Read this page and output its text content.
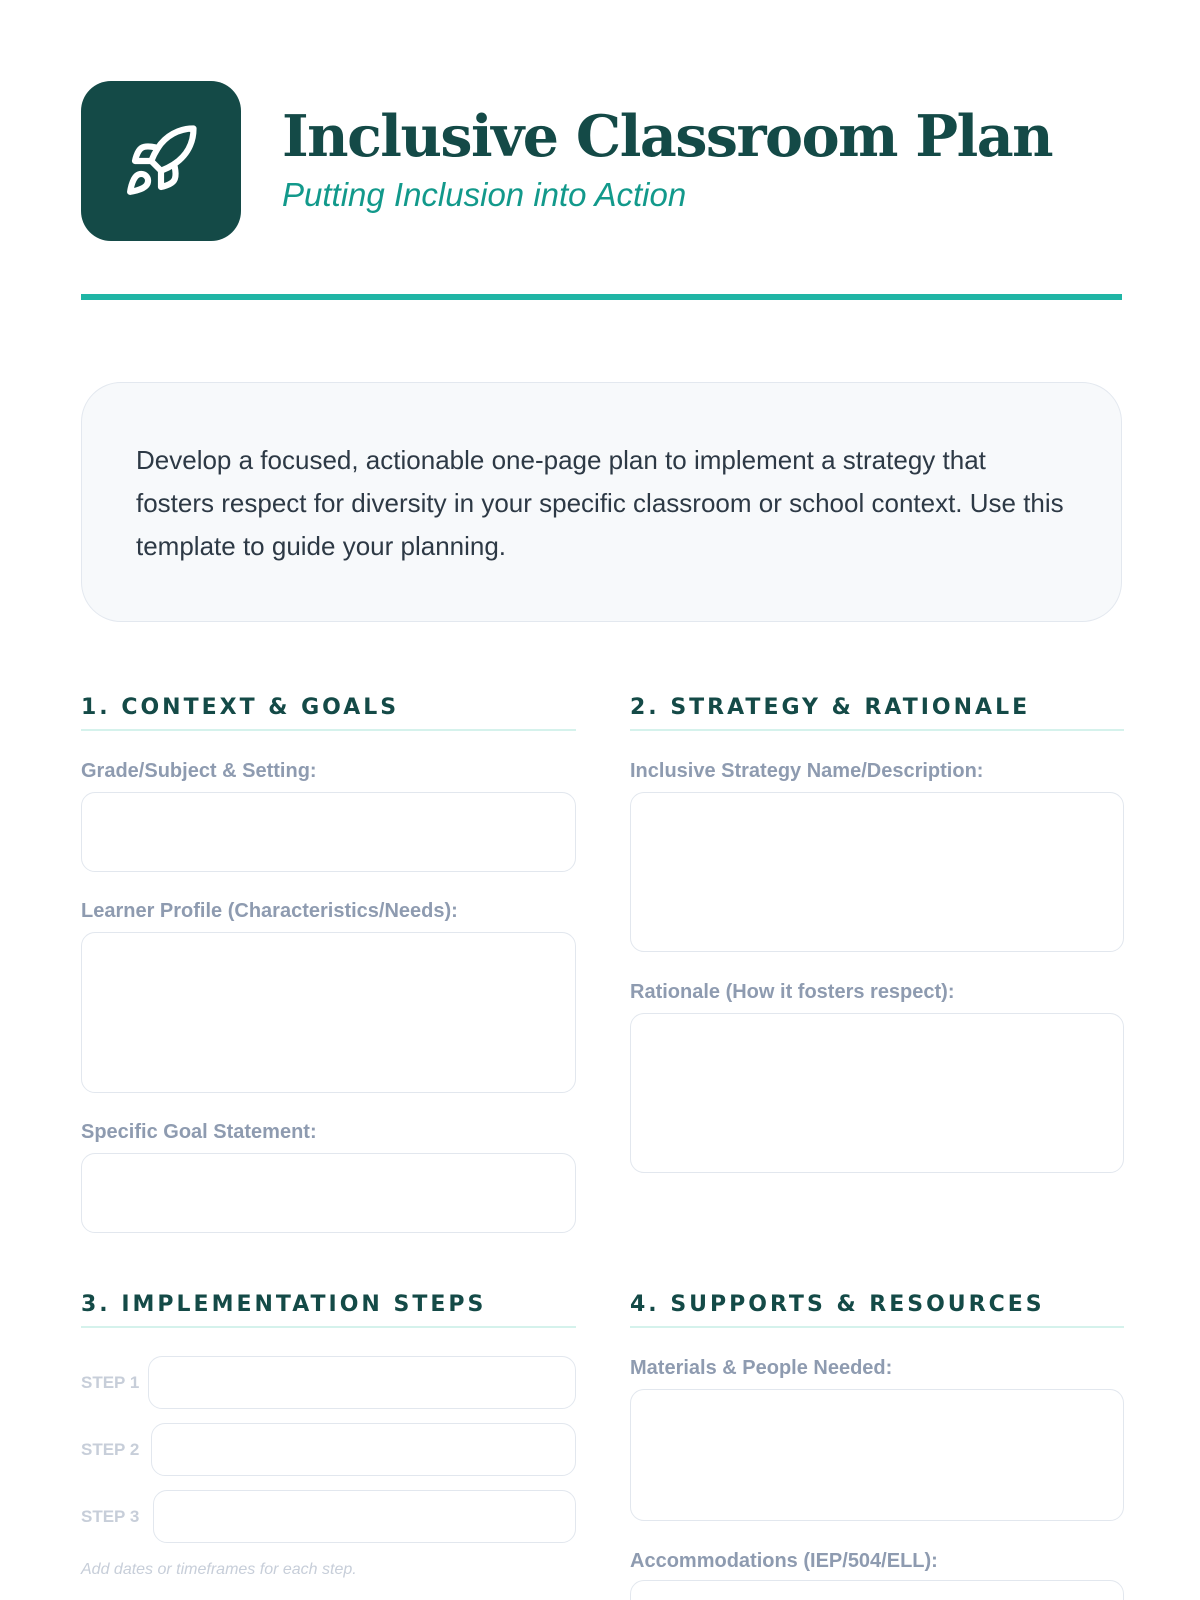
Inclusive Classroom Plan
Putting Inclusion into Action

Develop a focused, actionable one-page plan to implement a strategy that fosters respect for diversity in your specific classroom or school context. Use this template to guide your planning.

1. CONTEXT & GOALS
Grade/Subject & Setting:
Learner Profile (Characteristics/Needs):
Specific Goal Statement:
2. STRATEGY & RATIONALE
Inclusive Strategy Name/Description:
Rationale (How it fosters respect):
3. IMPLEMENTATION STEPS
STEP 1
STEP 2
STEP 3
Add dates or timeframes for each step.
4. SUPPORTS & RESOURCES
Materials & People Needed:
Accommodations (IEP/504/ELL):
